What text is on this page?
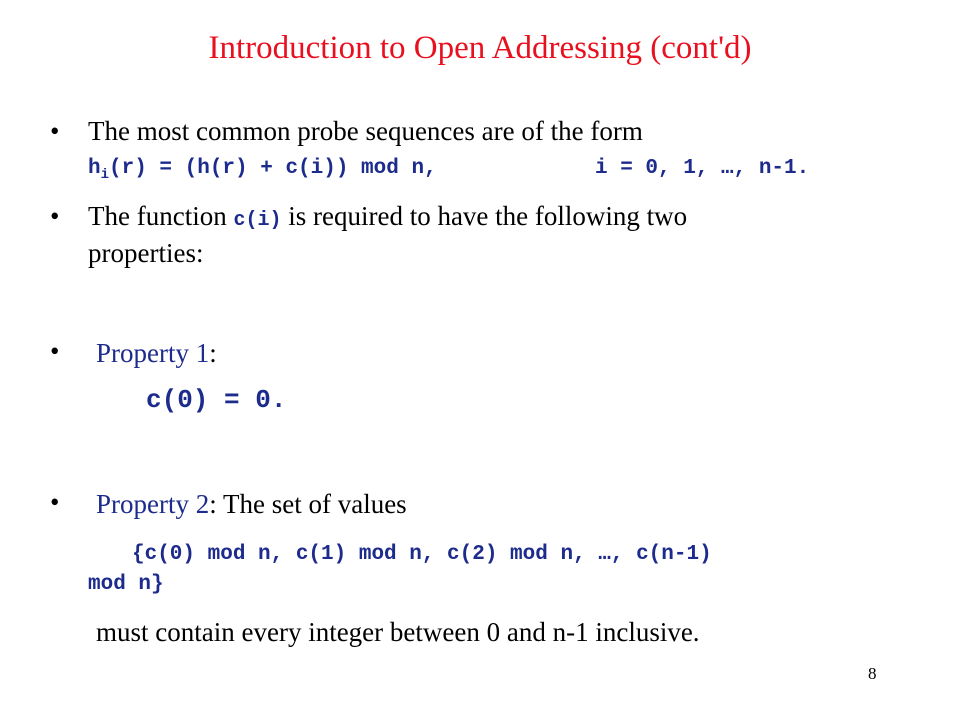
Introduction to Open Addressing (cont'd)
• The most common probe sequences are of the form
$h_i(r) = (h(r) + c(i))$ mod n,	i = 0, 1, …, n-1.
• The function c(i) is required to have the following two
properties:
• Property 1:
c(0) = 0.
• Property 2: The set of values
{c(0) mod n, c(1) mod n, c(2) mod n, …, c(n-1)
mod n}
must contain every integer between 0 and n-1 inclusive.
8
